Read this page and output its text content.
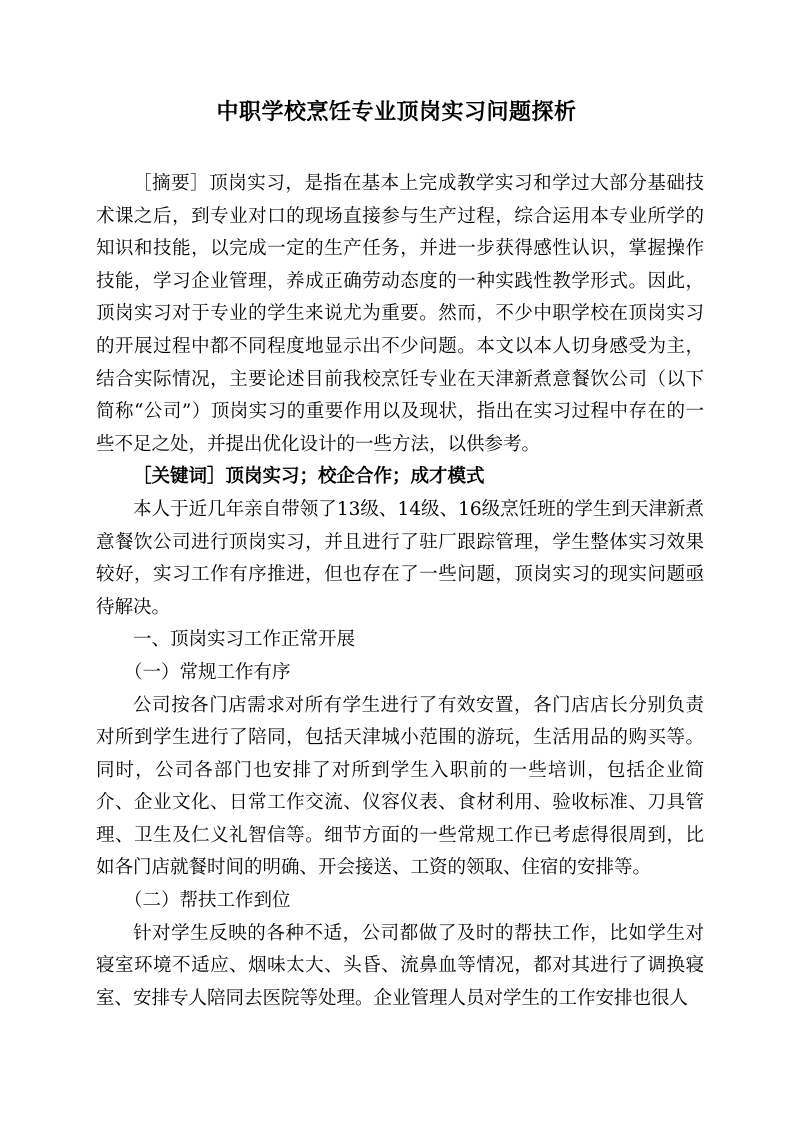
中职学校烹饪专业顶岗实习问题探析

［摘要］顶岗实习，是指在基本上完成教学实习和学过大部分基础技术课之后，到专业对口的现场直接参与生产过程，综合运用本专业所学的知识和技能，以完成一定的生产任务，并进一步获得感性认识，掌握操作技能，学习企业管理，养成正确劳动态度的一种实践性教学形式。因此，顶岗实习对于专业的学生来说尤为重要。然而，不少中职学校在顶岗实习的开展过程中都不同程度地显示出不少问题。本文以本人切身感受为主，结合实际情况，主要论述目前我校烹饪专业在天津新煮意餐饮公司（以下简称“公司”）顶岗实习的重要作用以及现状，指出在实习过程中存在的一些不足之处，并提出优化设计的一些方法，以供参考。

［关键词］顶岗实习；校企合作；成才模式

本人于近几年亲自带领了13级、14级、16级烹饪班的学生到天津新煮意餐饮公司进行顶岗实习，并且进行了驻厂跟踪管理，学生整体实习效果较好，实习工作有序推进，但也存在了一些问题，顶岗实习的现实问题亟待解决。

一、顶岗实习工作正常开展

（一）常规工作有序

公司按各门店需求对所有学生进行了有效安置，各门店店长分别负责对所到学生进行了陪同，包括天津城小范围的游玩，生活用品的购买等。同时，公司各部门也安排了对所到学生入职前的一些培训，包括企业简介、企业文化、日常工作交流、仪容仪表、食材利用、验收标准、刀具管理、卫生及仁义礼智信等。细节方面的一些常规工作已考虑得很周到，比如各门店就餐时间的明确、开会接送、工资的领取、住宿的安排等。

（二）帮扶工作到位

针对学生反映的各种不适，公司都做了及时的帮扶工作，比如学生对寝室环境不适应、烟味太大、头昏、流鼻血等情况，都对其进行了调换寝室、安排专人陪同去医院等处理。企业管理人员对学生的工作安排也很人
